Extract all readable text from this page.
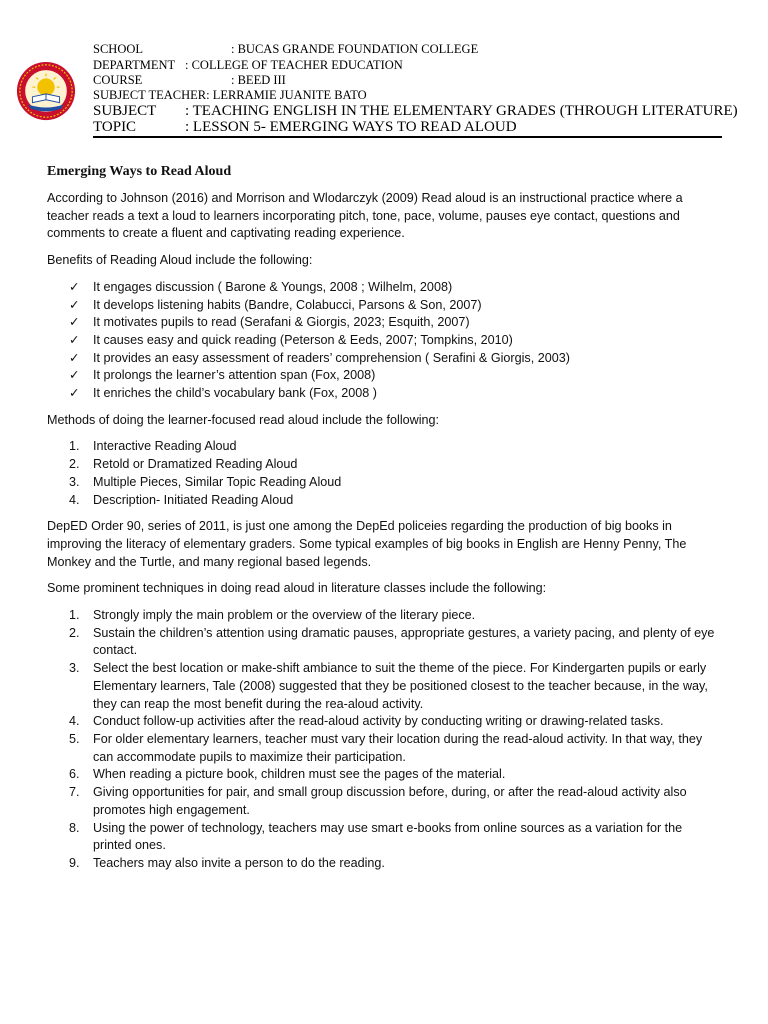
SCHOOL	: BUCAS GRANDE FOUNDATION COLLEGE
DEPARTMENT : COLLEGE OF TEACHER EDUCATION
COURSE	: BEED III
SUBJECT TEACHER: LERRAMIE JUANITE BATO
SUBJECT : TEACHING ENGLISH IN THE ELEMENTARY GRADES (THROUGH LITERATURE)
TOPIC	: LESSON 5- EMERGING WAYS TO READ ALOUD
Emerging Ways to Read Aloud

According to Johnson (2016) and Morrison and Wlodarczyk (2009) Read aloud is an instructional practice where a teacher reads a text a loud to learners incorporating pitch, tone, pace, volume, pauses eye contact, questions and comments to create a fluent and captivating reading experience.

Benefits of Reading Aloud include the following:

✓ It engages discussion ( Barone & Youngs, 2008 ; Wilhelm, 2008)
✓ It develops listening habits (Bandre, Colabucci, Parsons & Son, 2007)
✓ It motivates pupils to read (Serafani & Giorgis, 2023; Esquith, 2007)
✓ It causes easy and quick reading (Peterson & Eeds, 2007; Tompkins, 2010)
✓ It provides an easy assessment of readers’ comprehension ( Serafini & Giorgis, 2003)
✓ It prolongs the learner’s attention span (Fox, 2008)
✓ It enriches the child’s vocabulary bank (Fox, 2008 )

Methods of doing the learner-focused read aloud include the following:

1. Interactive Reading Aloud
2. Retold or Dramatized Reading Aloud
3. Multiple Pieces, Similar Topic Reading Aloud
4. Description- Initiated Reading Aloud

DepED Order 90, series of 2011, is just one among the DepEd policeies regarding the production of big books in improving the literacy of elementary graders. Some typical examples of big books in English are Henny Penny, The Monkey and the Turtle, and many regional based legends.

Some prominent techniques in doing read aloud in literature classes include the following:

1. Strongly imply the main problem or the overview of the literary piece.
2. Sustain the children’s attention using dramatic pauses, appropriate gestures, a variety pacing, and plenty of eye contact.
3. Select the best location or make-shift ambiance to suit the theme of the piece. For Kindergarten pupils or early Elementary learners, Tale (2008) suggested that they be positioned closest to the teacher because, in the way, they can reap the most benefit during the rea-aloud activity.
4. Conduct follow-up activities after the read-aloud activity by conducting writing or drawing-related tasks.
5. For older elementary learners, teacher must vary their location during the read-aloud activity. In that way, they can accommodate pupils to maximize their participation.
6. When reading a picture book, children must see the pages of the material.
7. Giving opportunities for pair, and small group discussion before, during, or after the read-aloud activity also promotes high engagement.
8. Using the power of technology, teachers may use smart e-books from online sources as a variation for the printed ones.
9. Teachers may also invite a person to do the reading.
